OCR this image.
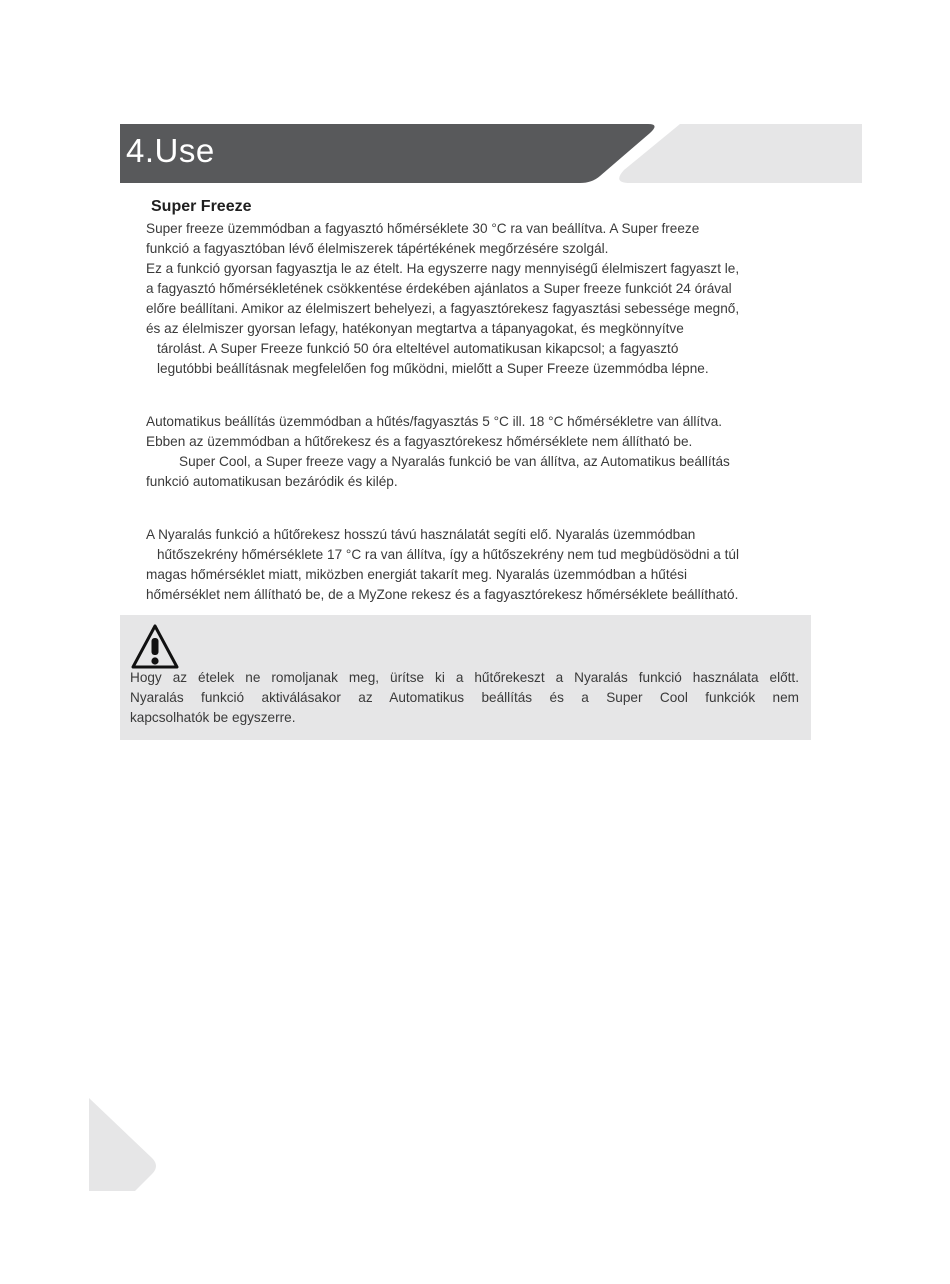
4.Use
Super Freeze
Super freeze üzemmódban a fagyasztó hőmérséklete 30 °C ra van beállítva. A Super freeze
funkció a fagyasztóban lévő élelmiszerek tápértékének megőrzésére szolgál.
Ez a funkció gyorsan fagyasztja le az ételt. Ha egyszerre nagy mennyiségű élelmiszert fagyaszt le,
a fagyasztó hőmérsékletének csökkentése érdekében ajánlatos a Super freeze funkciót 24 órával
előre beállítani. Amikor az élelmiszert behelyezi, a fagyasztórekesz fagyasztási sebessége megnő,
és az élelmiszer gyorsan lefagy, hatékonyan megtartva a tápanyagokat, és megkönnyítve
tárolást. A Super Freeze funkció 50 óra elteltével automatikusan kikapcsol; a fagyasztó
legutóbbi beállításnak megfelelően fog működni, mielőtt a Super Freeze üzemmódba lépne.
Automatikus beállítás üzemmódban a hűtés/fagyasztás 5 °C ill. 18 °C hőmérsékletre van állítva.
Ebben az üzemmódban a hűtőrekesz és a fagyasztórekesz hőmérséklete nem állítható be.
Super Cool, a Super freeze vagy a Nyaralás funkció be van állítva, az Automatikus beállítás
funkció automatikusan bezáródik és kilép.
A Nyaralás funkció a hűtőrekesz hosszú távú használatát segíti elő. Nyaralás üzemmódban
hűtőszekrény hőmérséklete 17 °C ra van állítva, így a hűtőszekrény nem tud megbüdösödni a túl
magas hőmérséklet miatt, miközben energiát takarít meg. Nyaralás üzemmódban a hűtési
hőmérséklet nem állítható be, de a MyZone rekesz és a fagyasztórekesz hőmérséklete beállítható.
Hogy az ételek ne romoljanak meg, ürítse ki a hűtőrekeszt a Nyaralás funkció használata előtt.
Nyaralás funkció aktiválásakor az Automatikus beállítás és a Super Cool funkciók nem
kapcsolhatók be egyszerre.
